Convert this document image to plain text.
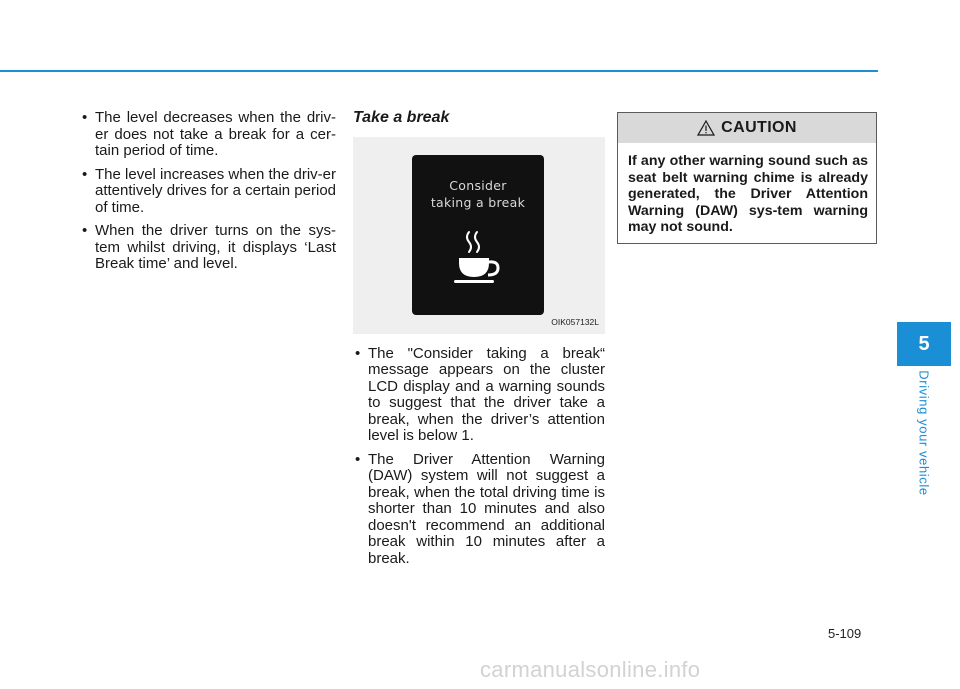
• The level decreases when the driv-er does not take a break for a cer-tain period of time.
• The level increases when the driv-er attentively drives for a certain period of time.
• When the driver turns on the sys-tem whilst driving, it displays ‘Last Break time’ and level.
Take a break
Consider
taking a break
OIK057132L
• The "Consider taking a break“ message appears on the cluster LCD display and a warning sounds to suggest that the driver take a break, when the driver’s attention level is below 1.
• The Driver Attention Warning (DAW) system will not suggest a break, when the total driving time is shorter than 10 minutes and also doesn't recommend an additional break within 10 minutes after a break.
CAUTION
If any other warning sound such as seat belt warning chime is already generated, the Driver Attention Warning (DAW) sys-tem warning may not sound.
5
Driving your vehicle
5-109
carmanualsonline.info
